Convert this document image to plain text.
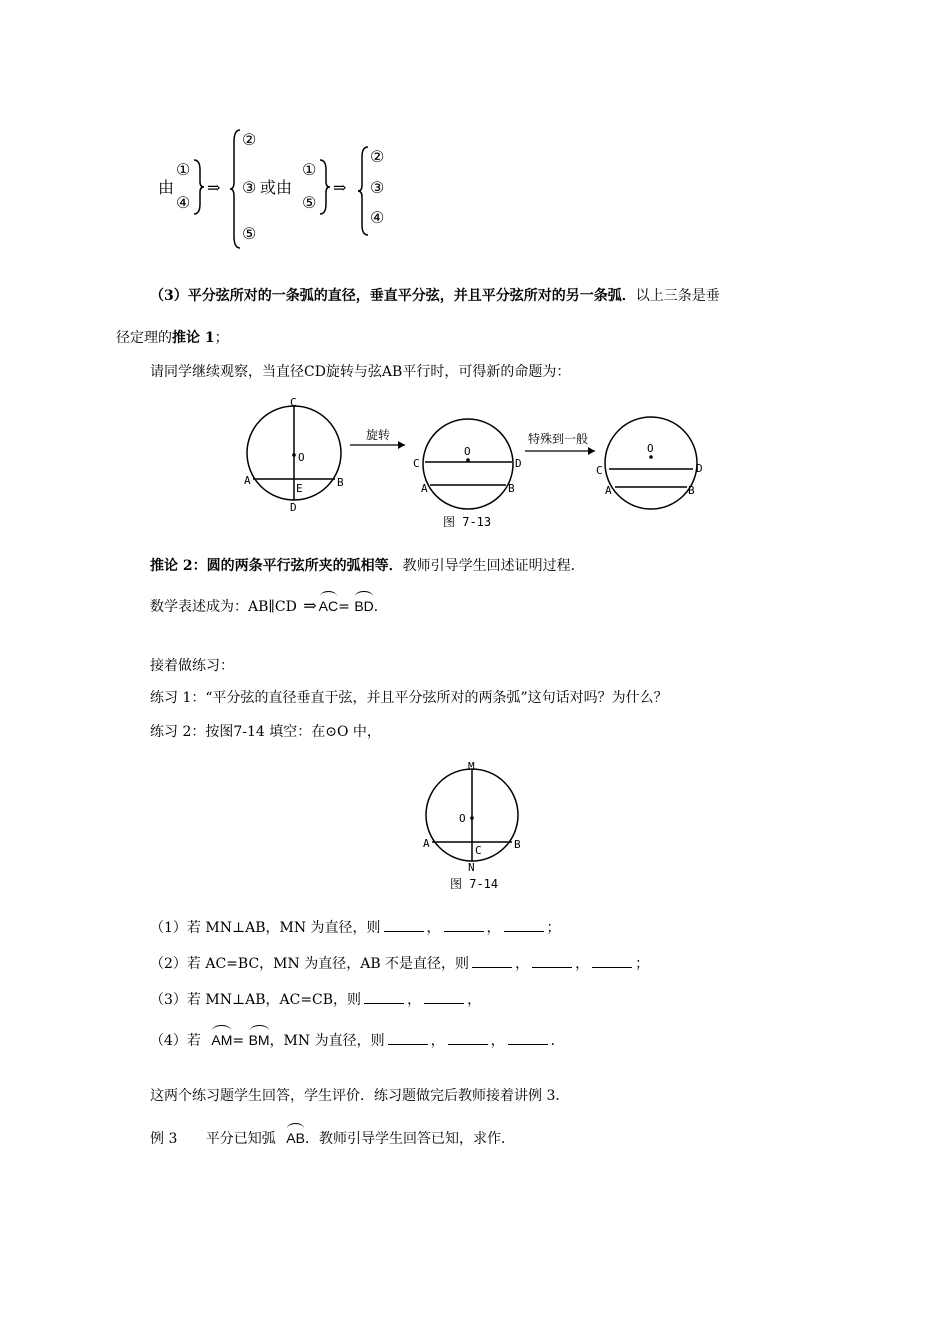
由
①
④
⇒
②
③ 或由
⑤
①
⑤
⇒
②
③
④
（3）平分弦所对的一条弧的直径，垂直平分弦，并且平分弦所对的另一条弧．以上三条是垂
径定理的推论 1；
请同学继续观察，当直径CD旋转与弦AB平行时，可得新的命题为：
C
O
A
E	B
D
旋转
O
C	D
A	B
特殊到一般
O
C	D
A	B
图 7-13
推论 2：圆的两条平行弦所夹的弧相等．教师引导学生回述证明过程．
数学表述成为：AB∥CD ⇒ AC= BD．
接着做练习：
练习 1：“平分弦的直径垂直于弦，并且平分弦所对的两条弧”这句话对吗？为什么？
练习 2：按图7-14 填空：在⊙O 中，
M
O
A
C	B
N
图 7-14
（1）若 MN⊥AB，MN 为直径，则	，	，	；
（2）若 AC=BC，MN 为直径，AB 不是直径，则	，	，	；
（3）若 MN⊥AB，AC=CB，则	，	，
（4）若 AM= BM，MN 为直径，则	，	，	．
这两个练习题学生回答，学生评价．练习题做完后教师接着讲例 3．
例 3 平分已知弧 AB．教师引导学生回答已知，求作．
